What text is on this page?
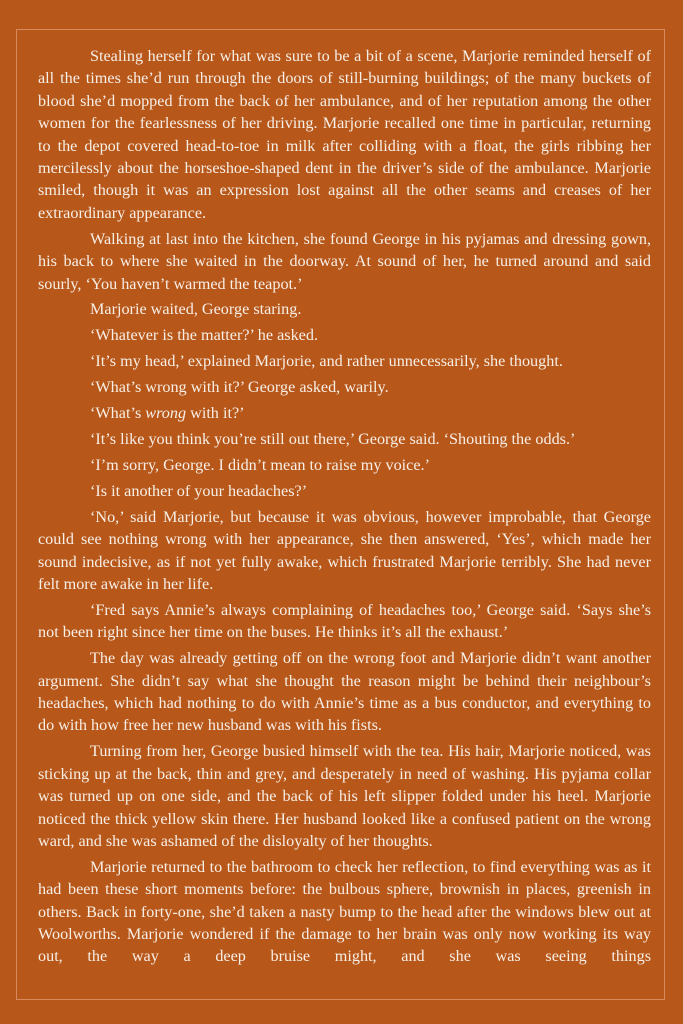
Stealing herself for what was sure to be a bit of a scene, Marjorie reminded herself of all the times she’d run through the doors of still-burning buildings; of the many buckets of blood she’d mopped from the back of her ambulance, and of her reputation among the other women for the fearlessness of her driving. Marjorie recalled one time in particular, returning to the depot covered head-to-toe in milk after colliding with a float, the girls ribbing her mercilessly about the horseshoe-shaped dent in the driver’s side of the ambulance. Marjorie smiled, though it was an expression lost against all the other seams and creases of her extraordinary appearance.

Walking at last into the kitchen, she found George in his pyjamas and dressing gown, his back to where she waited in the doorway. At sound of her, he turned around and said sourly, ‘You haven’t warmed the teapot.’

Marjorie waited, George staring.

‘Whatever is the matter?’ he asked.

‘It’s my head,’ explained Marjorie, and rather unnecessarily, she thought.

‘What’s wrong with it?’ George asked, warily.

‘What’s wrong with it?’

‘It’s like you think you’re still out there,’ George said. ‘Shouting the odds.’

‘I’m sorry, George. I didn’t mean to raise my voice.’

‘Is it another of your headaches?’

‘No,’ said Marjorie, but because it was obvious, however improbable, that George could see nothing wrong with her appearance, she then answered, ‘Yes’, which made her sound indecisive, as if not yet fully awake, which frustrated Marjorie terribly. She had never felt more awake in her life.

‘Fred says Annie’s always complaining of headaches too,’ George said. ‘Says she’s not been right since her time on the buses. He thinks it’s all the exhaust.’

The day was already getting off on the wrong foot and Marjorie didn’t want another argument. She didn’t say what she thought the reason might be behind their neighbour’s headaches, which had nothing to do with Annie’s time as a bus conductor, and everything to do with how free her new husband was with his fists.

Turning from her, George busied himself with the tea. His hair, Marjorie noticed, was sticking up at the back, thin and grey, and desperately in need of washing. His pyjama collar was turned up on one side, and the back of his left slipper folded under his heel. Marjorie noticed the thick yellow skin there. Her husband looked like a confused patient on the wrong ward, and she was ashamed of the disloyalty of her thoughts.

Marjorie returned to the bathroom to check her reflection, to find everything was as it had been these short moments before: the bulbous sphere, brownish in places, greenish in others. Back in forty-one, she’d taken a nasty bump to the head after the windows blew out at Woolworths. Marjorie wondered if the damage to her brain was only now working its way out, the way a deep bruise might, and she was seeing things
